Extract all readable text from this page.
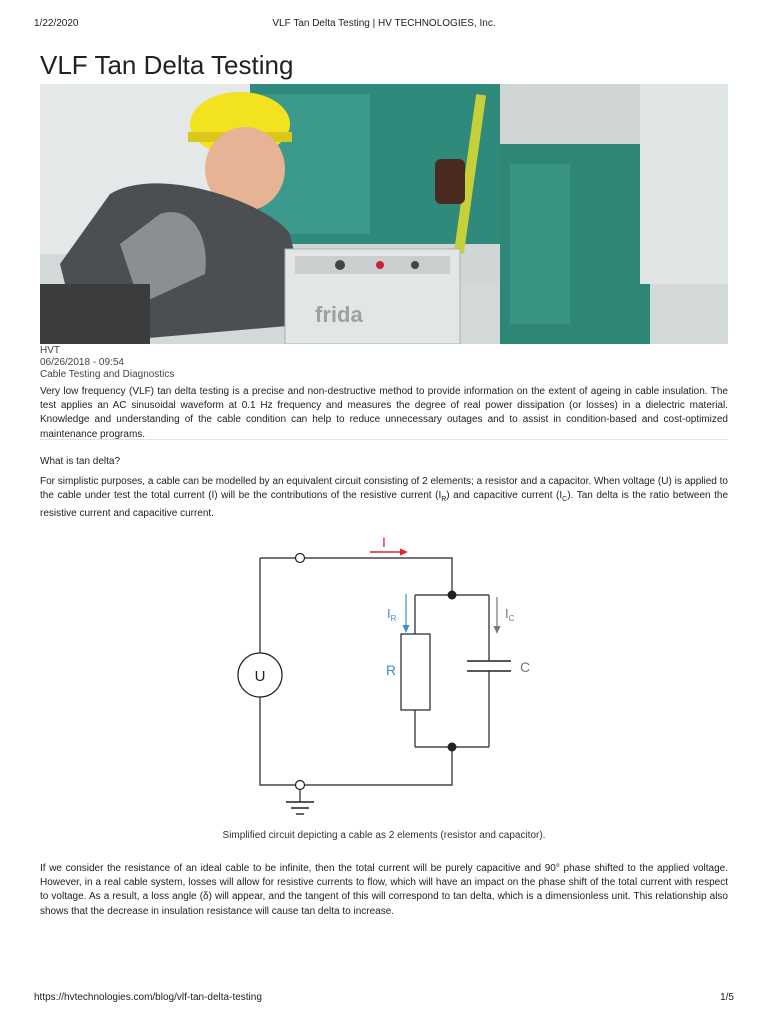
1/22/2020	VLF Tan Delta Testing | HV TECHNOLOGIES, Inc.
VLF Tan Delta Testing
frida
HVT
06/26/2018 - 09:54
Cable Testing and Diagnostics

Very low frequency (VLF) tan delta testing is a precise and non-destructive method to provide information on the extent of ageing in cable insulation. The test applies an AC sinusoidal waveform at 0.1 Hz frequency and measures the degree of real power dissipation (or losses) in a dielectric material. Knowledge and understanding of the cable condition can help to reduce unnecessary outages and to assist in condition-based and cost-optimized maintenance programs.

What is tan delta?

For simplistic purposes, a cable can be modelled by an equivalent circuit consisting of 2 elements; a resistor and a capacitor. When voltage (U) is applied to the cable under test the total current (I) will be the contributions of the resistive current $(I_R)$ and capacitive current $(I_C)$. Tan delta is the ratio between the resistive current and capacitive current.

U
I
$I_R$	$I_C$
R	C
Simplified circuit depicting a cable as 2 elements (resistor and capacitor).

If we consider the resistance of an ideal cable to be infinite, then the total current will be purely capacitive and 90° phase shifted to the applied voltage. However, in a real cable system, losses will allow for resistive currents to flow, which will have an impact on the phase shift of the total current with respect to voltage. As a result, a loss angle (δ) will appear, and the tangent of this will correspond to tan delta, which is a dimensionless unit. This relationship also shows that the decrease in insulation resistance will cause tan delta to increase.

https://hvtechnologies.com/blog/vlf-tan-delta-testing	1/5
